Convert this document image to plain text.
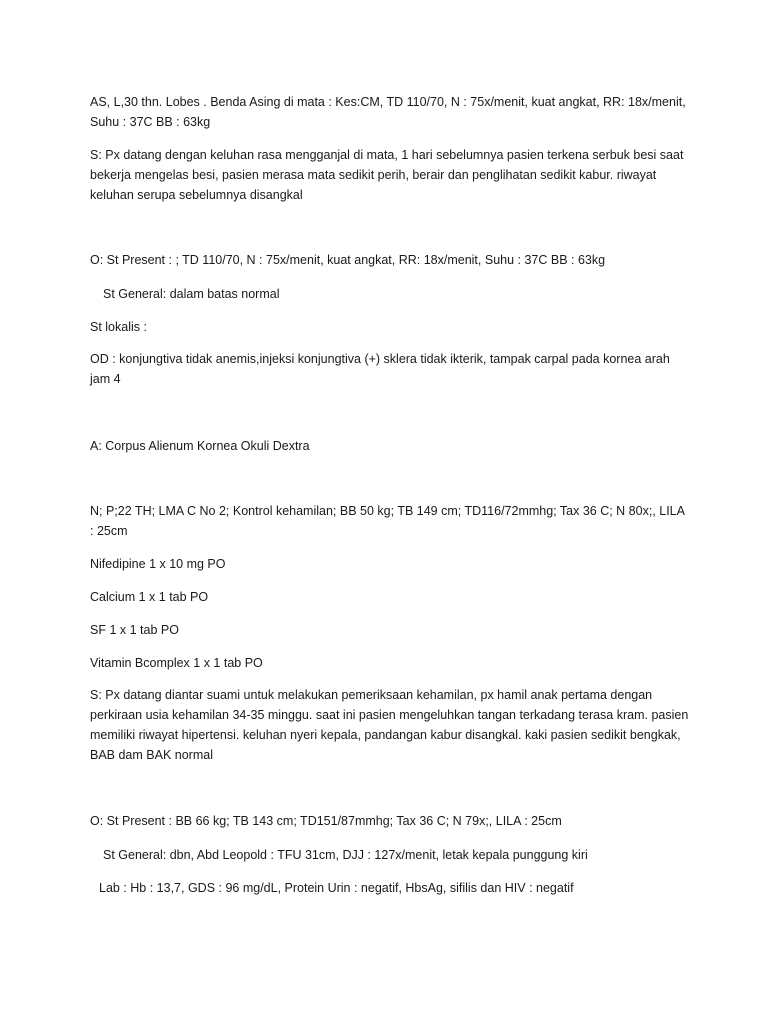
AS, L,30 thn. Lobes . Benda Asing di mata : Kes:CM, TD 110/70, N : 75x/menit, kuat angkat, RR: 18x/menit, Suhu : 37C BB : 63kg

S: Px datang dengan keluhan rasa mengganjal di mata, 1 hari sebelumnya pasien terkena serbuk besi saat bekerja mengelas besi, pasien merasa mata sedikit perih, berair dan penglihatan sedikit kabur. riwayat keluhan serupa sebelumnya disangkal

O: St Present : ; TD 110/70, N : 75x/menit, kuat angkat, RR: 18x/menit, Suhu : 37C BB : 63kg

St General: dalam batas normal

St lokalis :

OD : konjungtiva tidak anemis,injeksi konjungtiva (+) sklera tidak ikterik, tampak carpal pada kornea arah jam 4

A: Corpus Alienum Kornea Okuli Dextra

N; P;22 TH; LMA C No 2; Kontrol kehamilan; BB 50 kg; TB 149 cm; TD116/72mmhg; Tax 36 C; N 80x;, LILA : 25cm

Nifedipine 1 x 10 mg PO

Calcium 1 x 1 tab PO

SF 1 x 1 tab PO

Vitamin Bcomplex 1 x 1 tab PO

S: Px datang diantar suami untuk melakukan pemeriksaan kehamilan, px hamil anak pertama dengan perkiraan usia kehamilan 34-35 minggu. saat ini pasien mengeluhkan tangan terkadang terasa kram. pasien memiliki riwayat hipertensi. keluhan nyeri kepala, pandangan kabur disangkal. kaki pasien sedikit bengkak, BAB dam BAK normal

O: St Present : BB 66 kg; TB 143 cm; TD151/87mmhg; Tax 36 C; N 79x;, LILA : 25cm

St General: dbn, Abd Leopold : TFU 31cm, DJJ : 127x/menit, letak kepala punggung kiri

Lab : Hb : 13,7, GDS : 96 mg/dL, Protein Urin : negatif, HbsAg, sifilis dan HIV : negatif
